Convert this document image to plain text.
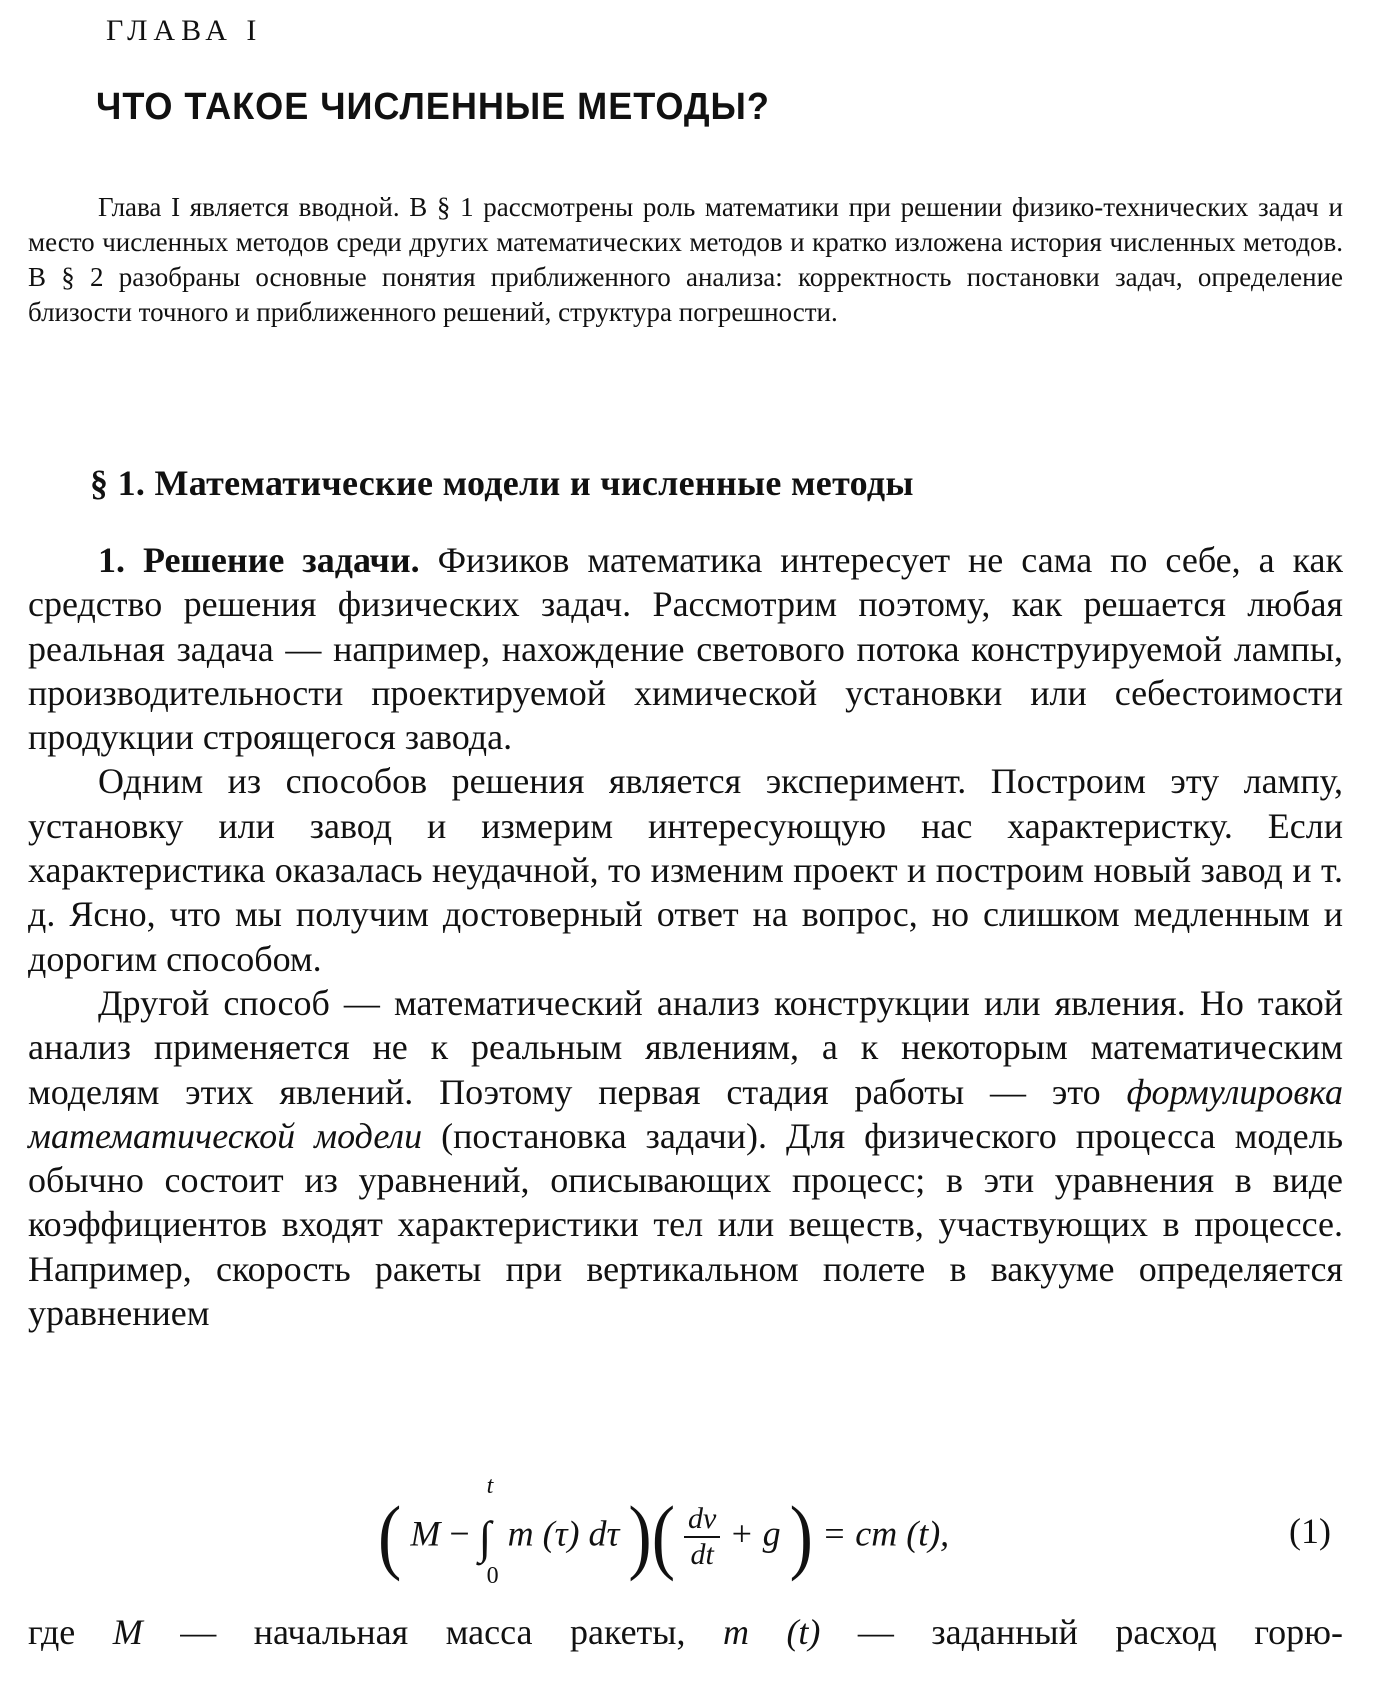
ГЛАВА I
ЧТО ТАКОЕ ЧИСЛЕННЫЕ МЕТОДЫ?

Глава I является вводной. В § 1 рассмотрены роль математики при решении физико-технических задач и место численных методов среди других математических методов и кратко изложена история численных методов. В § 2 разобраны основные понятия приближенного анализа: корректность постановки задач, определение близости точного и приближенного решений, структура погрешности.

§ 1. Математические модели и численные методы

1. Решение задачи. Физиков математика интересует не сама по себе, а как средство решения физических задач. Рассмотрим поэтому, как решается любая реальная задача — например, нахождение светового потока конструируемой лампы, производительности проектируемой химической установки или себестоимости продукции строящегося завода.

Одним из способов решения является эксперимент. Построим эту лампу, установку или завод и измерим интересующую нас характеристку. Если характеристика оказалась неудачной, то изменим проект и построим новый завод и т. д. Ясно, что мы получим достоверный ответ на вопрос, но слишком медленным и дорогим способом.

Другой способ — математический анализ конструкции или явления. Но такой анализ применяется не к реальным явлениям, а к некоторым математическим моделям этих явлений. Поэтому первая стадия работы — это формулировка математической модели (постановка задачи). Для физического процесса модель обычно состоит из уравнений, описывающих процесс; в эти уравнения в виде коэффициентов входят характеристики тел или веществ, участвующих в процессе. Например, скорость ракеты при вертикальном полете в вакууме определяется уравнением

( M − ∫
t
0
m (τ) dτ )( $\frac{dv}{dt} + g$ ) = cm (t),	(1)

где M — начальная масса ракеты, m (t) — заданный расход горю-
